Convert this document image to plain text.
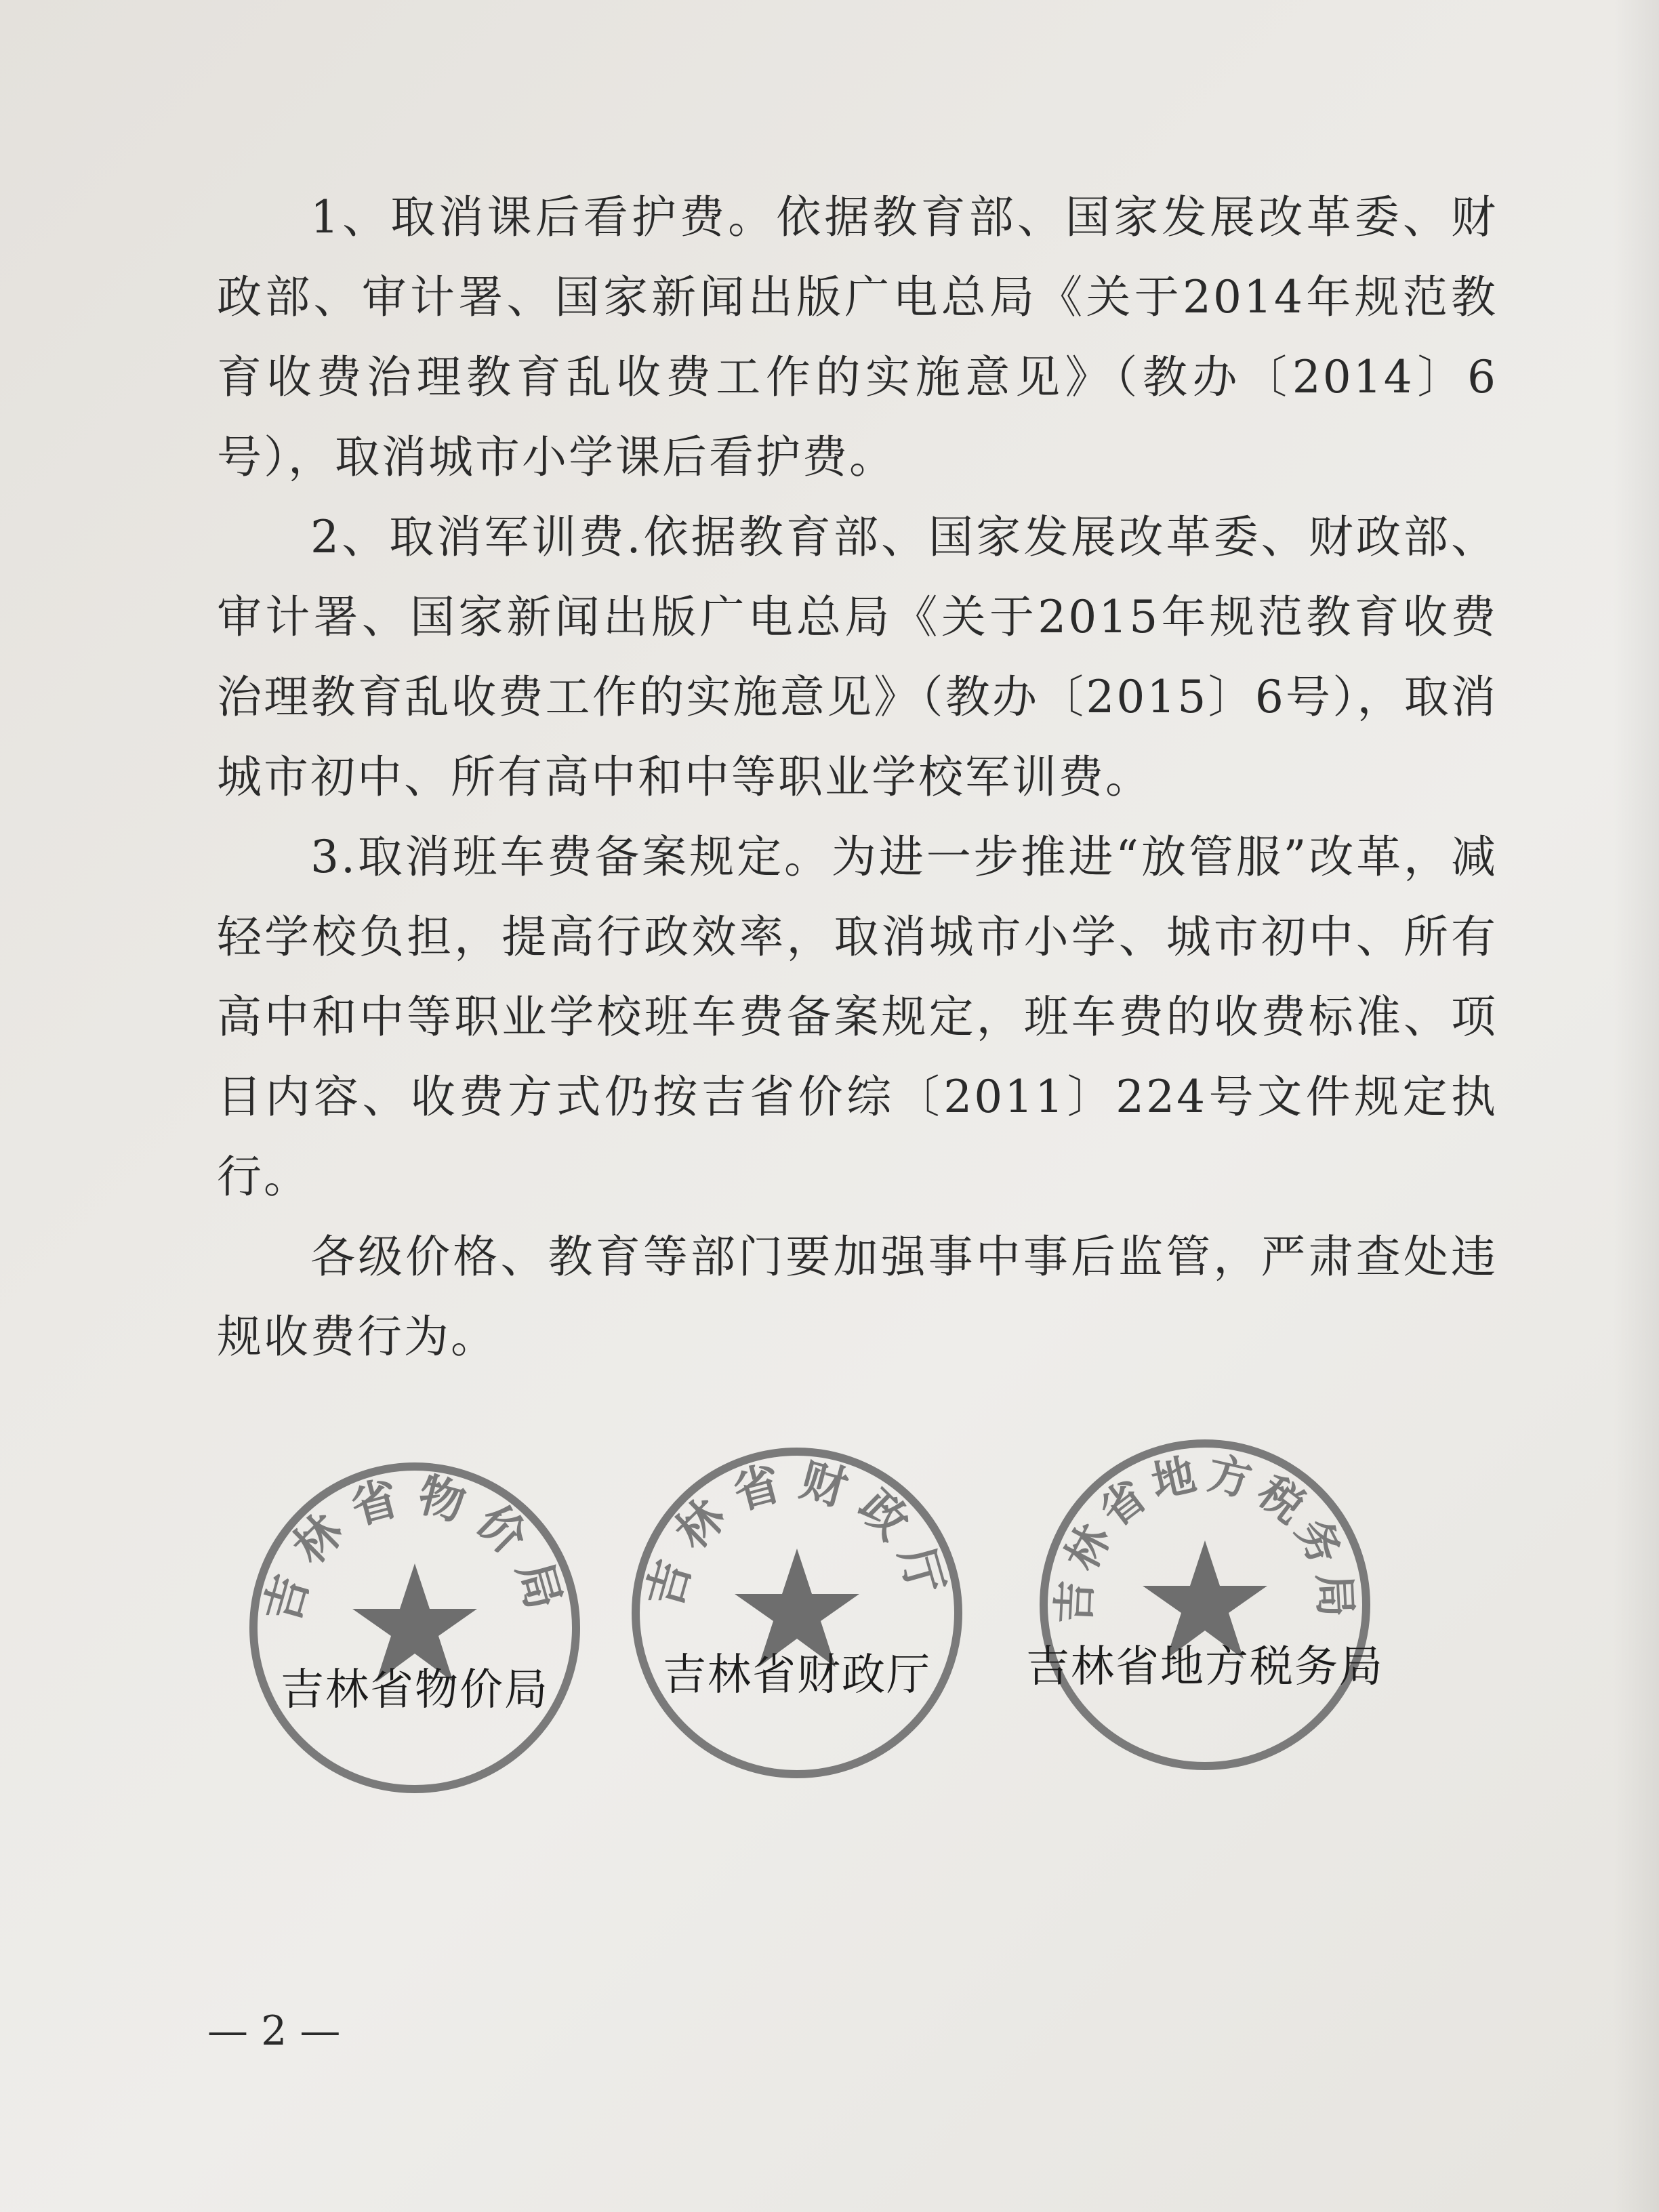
1、取消课后看护费。依据教育部、国家发展改革委、财政部、审计署、国家新闻出版广电总局《关于2014年规范教育收费治理教育乱收费工作的实施意见》（教办〔2014〕6号），取消城市小学课后看护费。

2、取消军训费.依据教育部、国家发展改革委、财政部、审计署、国家新闻出版广电总局《关于2015年规范教育收费治理教育乱收费工作的实施意见》（教办〔2015〕6号），取消城市初中、所有高中和中等职业学校军训费。

3.取消班车费备案规定。为进一步推进“放管服”改革，减轻学校负担，提高行政效率，取消城市小学、城市初中、所有高中和中等职业学校班车费备案规定，班车费的收费标准、项目内容、收费方式仍按吉省价综〔2011〕224号文件规定执行。

各级价格、教育等部门要加强事中事后监管，严肃查处违规收费行为。

吉林省物价局
吉林省物价局
吉林省财政厅
吉林省财政厅
吉林省地方税务局
吉林省地方税务局
— 2 —
